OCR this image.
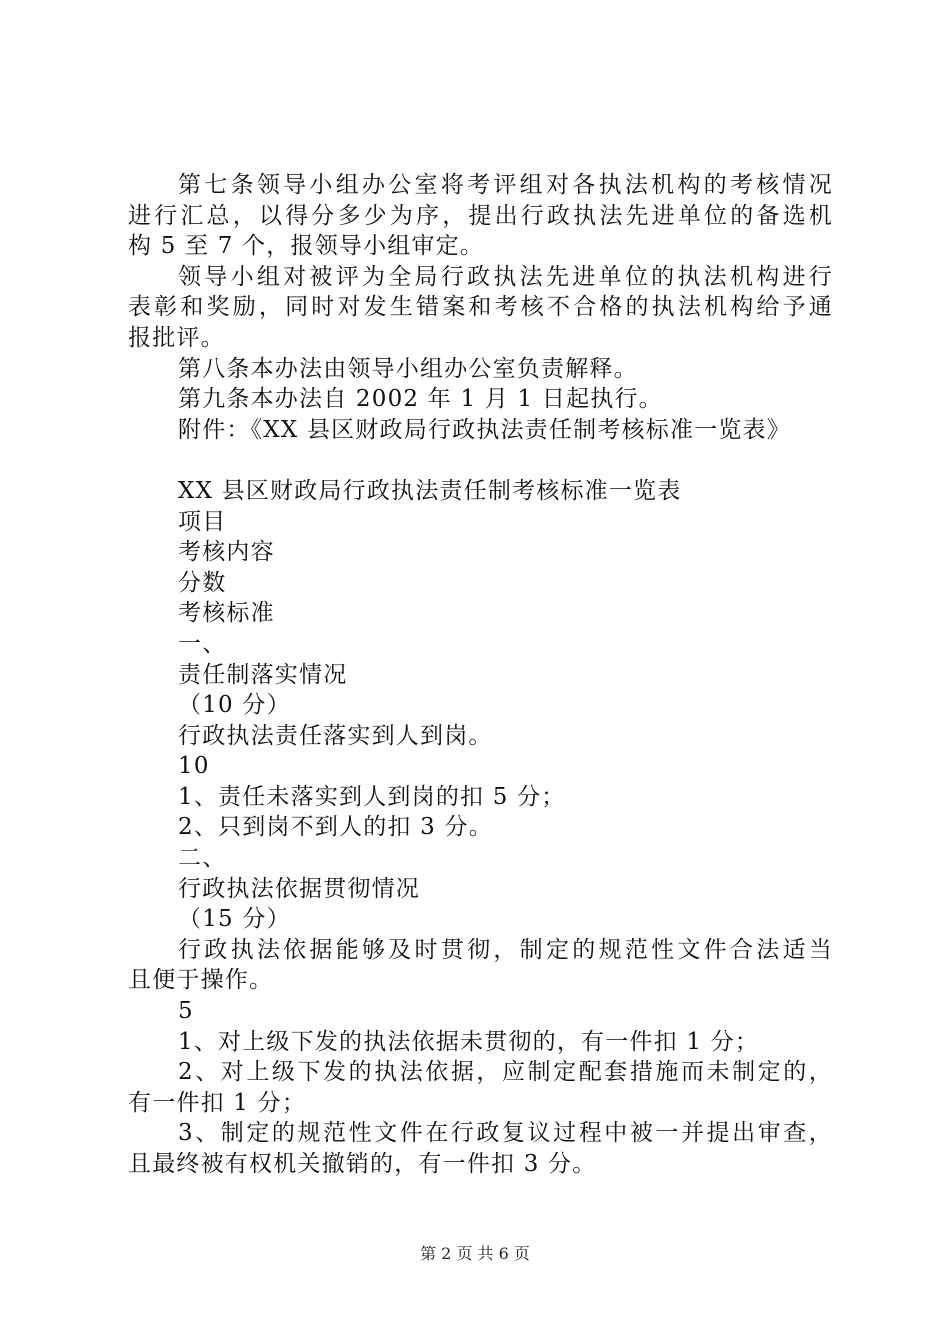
第七条领导小组办公室将考评组对各执法机构的考核情况
进行汇总，以得分多少为序，提出行政执法先进单位的备选机
构 5 至 7 个，报领导小组审定。
领导小组对被评为全局行政执法先进单位的执法机构进行
表彰和奖励，同时对发生错案和考核不合格的执法机构给予通
报批评。
第八条本办法由领导小组办公室负责解释。
第九条本办法自 2002 年 1 月 1 日起执行。
附件：《XX 县区财政局行政执法责任制考核标准一览表》
XX 县区财政局行政执法责任制考核标准一览表
项目
考核内容
分数
考核标准
一、
责任制落实情况
（10 分）
行政执法责任落实到人到岗。
10
1、责任未落实到人到岗的扣 5 分；
2、只到岗不到人的扣 3 分。
二、
行政执法依据贯彻情况
（15 分）
行政执法依据能够及时贯彻，制定的规范性文件合法适当
且便于操作。
5
1、对上级下发的执法依据未贯彻的，有一件扣 1 分；
2、对上级下发的执法依据，应制定配套措施而未制定的，
有一件扣 1 分；
3、制定的规范性文件在行政复议过程中被一并提出审查，
且最终被有权机关撤销的，有一件扣 3 分。
第 2 页 共 6 页
